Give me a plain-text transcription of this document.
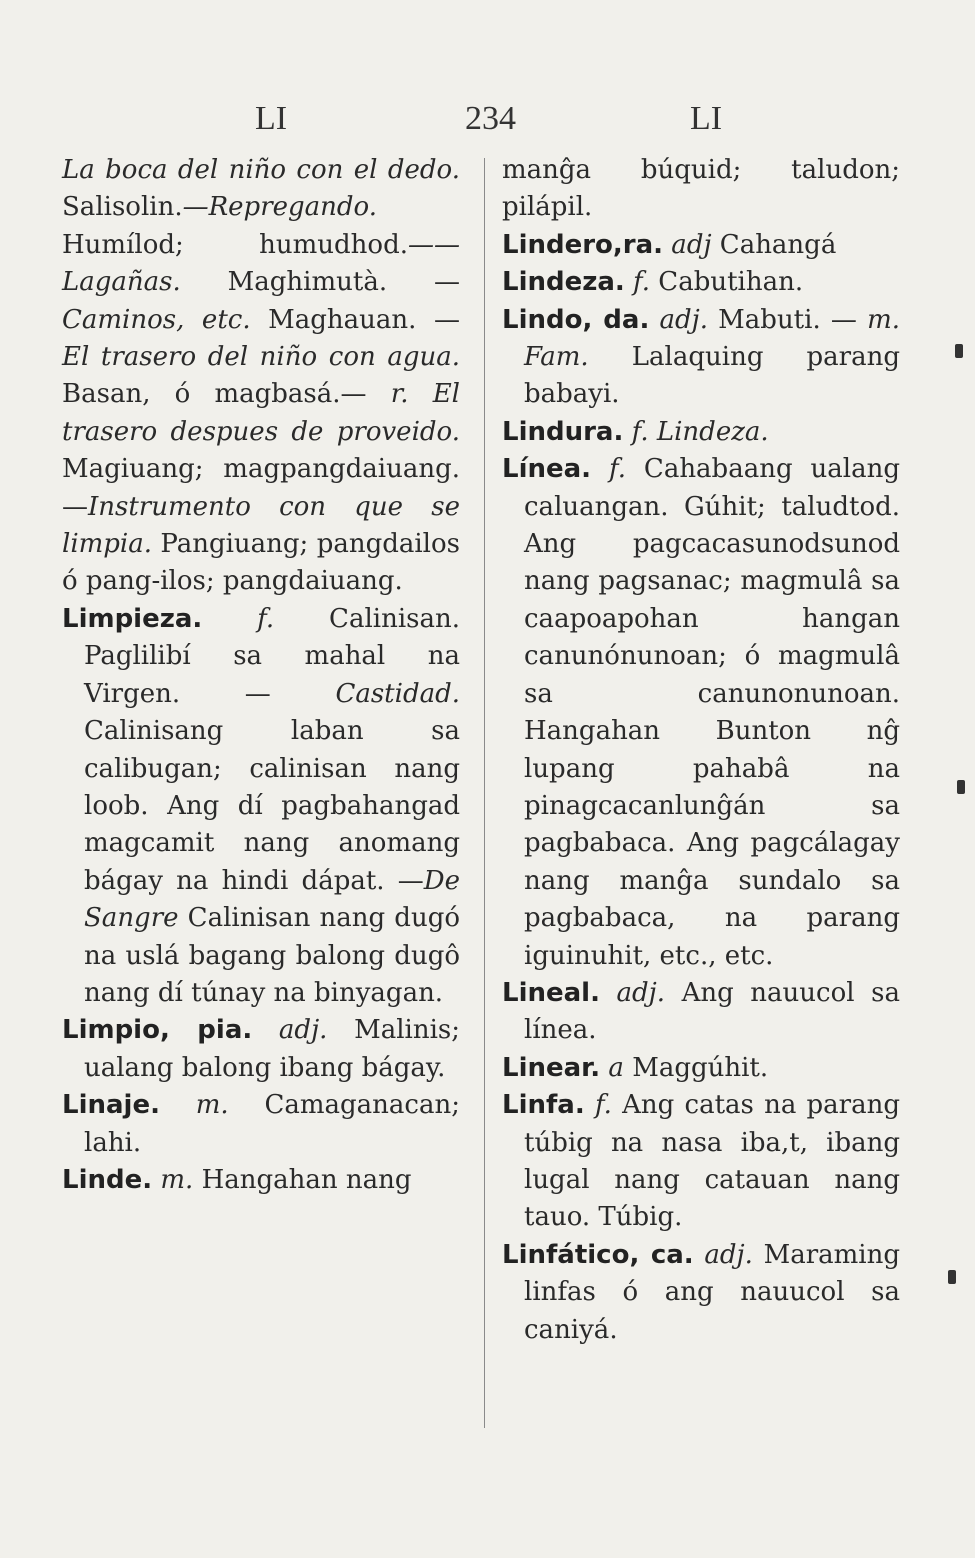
LI	234	LI

La boca del niño con el dedo. Salisolin.—Repregando. Humílod; humudhod.—— Lagañas. Maghimutà. — Caminos, etc. Maghauan. — El trasero del niño con agua. Basan, ó magbasá.— r. El trasero despues de proveido. Magiuang; magpangdaiuang.—Instrumento con que se limpia. Pangiuang; pangdailos ó pang-ilos; pangdaiuang.

Limpieza. f. Calinisan. Paglilibí sa mahal na Virgen. — Castidad. Calinisang laban sa calibugan; calinisan nang loob. Ang dí pagbahangad magcamit nang anomang bágay na hindi dápat. —De Sangre Calinisan nang dugó na uslá bagang balong dugô nang dí túnay na binyagan.

Limpio, pia. adj. Malinis; ualang balong ibang bágay.

Linaje. m. Camaganacan; lahi.

Linde. m. Hangahan nang

manĝa búquid; taludon; pilápil.

Lindero,ra. adj Cahangá

Lindeza. f. Cabutihan.

Lindo, da. adj. Mabuti. — m. Fam. Lalaquing parang babayi.

Lindura. f. Lindeza.

Línea. f. Cahabaang ualang caluangan. Gúhit; taludtod. Ang pagcacasunodsunod nang pagsanac; magmulâ sa caapoapohan hangan canunónunoan; ó magmulâ sa canunonunoan. Hangahan Bunton nĝ lupang pahabâ na pinagcacanlunĝán sa pagbabaca. Ang pagcálagay nang manĝa sundalo sa pagbabaca, na parang iguinuhit, etc., etc.

Lineal. adj. Ang nauucol sa línea.

Linear. a Maggúhit.

Linfa. f. Ang catas na parang túbig na nasa iba,t, ibang lugal nang catauan nang tauo. Túbig.

Linfático, ca. adj. Maraming linfas ó ang nauucol sa caniyá.
